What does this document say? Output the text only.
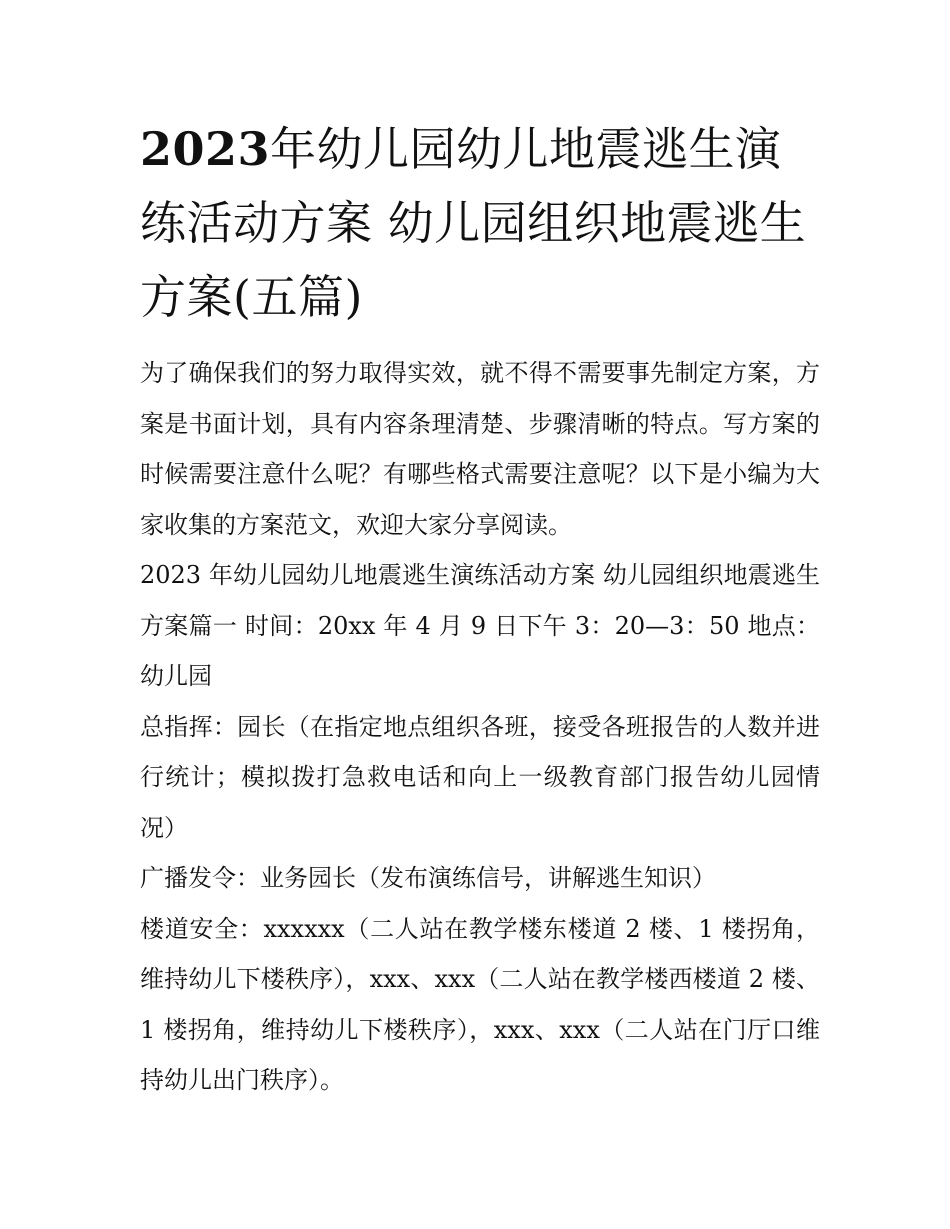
2023年幼儿园幼儿地震逃生演练活动方案 幼儿园组织地震逃生方案(五篇)

为了确保我们的努力取得实效，就不得不需要事先制定方案，方案是书面计划，具有内容条理清楚、步骤清晰的特点。写方案的时候需要注意什么呢？有哪些格式需要注意呢？以下是小编为大家收集的方案范文，欢迎大家分享阅读。

2023 年幼儿园幼儿地震逃生演练活动方案 幼儿园组织地震逃生方案篇一 时间：20xx 年 4 月 9 日下午 3：20—3：50 地点：幼儿园

总指挥：园长（在指定地点组织各班，接受各班报告的人数并进行统计；模拟拨打急救电话和向上一级教育部门报告幼儿园情况）

广播发令：业务园长（发布演练信号，讲解逃生知识）

楼道安全：xxxxxx（二人站在教学楼东楼道 2 楼、1 楼拐角，维持幼儿下楼秩序），xxx、xxx（二人站在教学楼西楼道 2 楼、1 楼拐角，维持幼儿下楼秩序），xxx、xxx（二人站在门厅口维持幼儿出门秩序）。
